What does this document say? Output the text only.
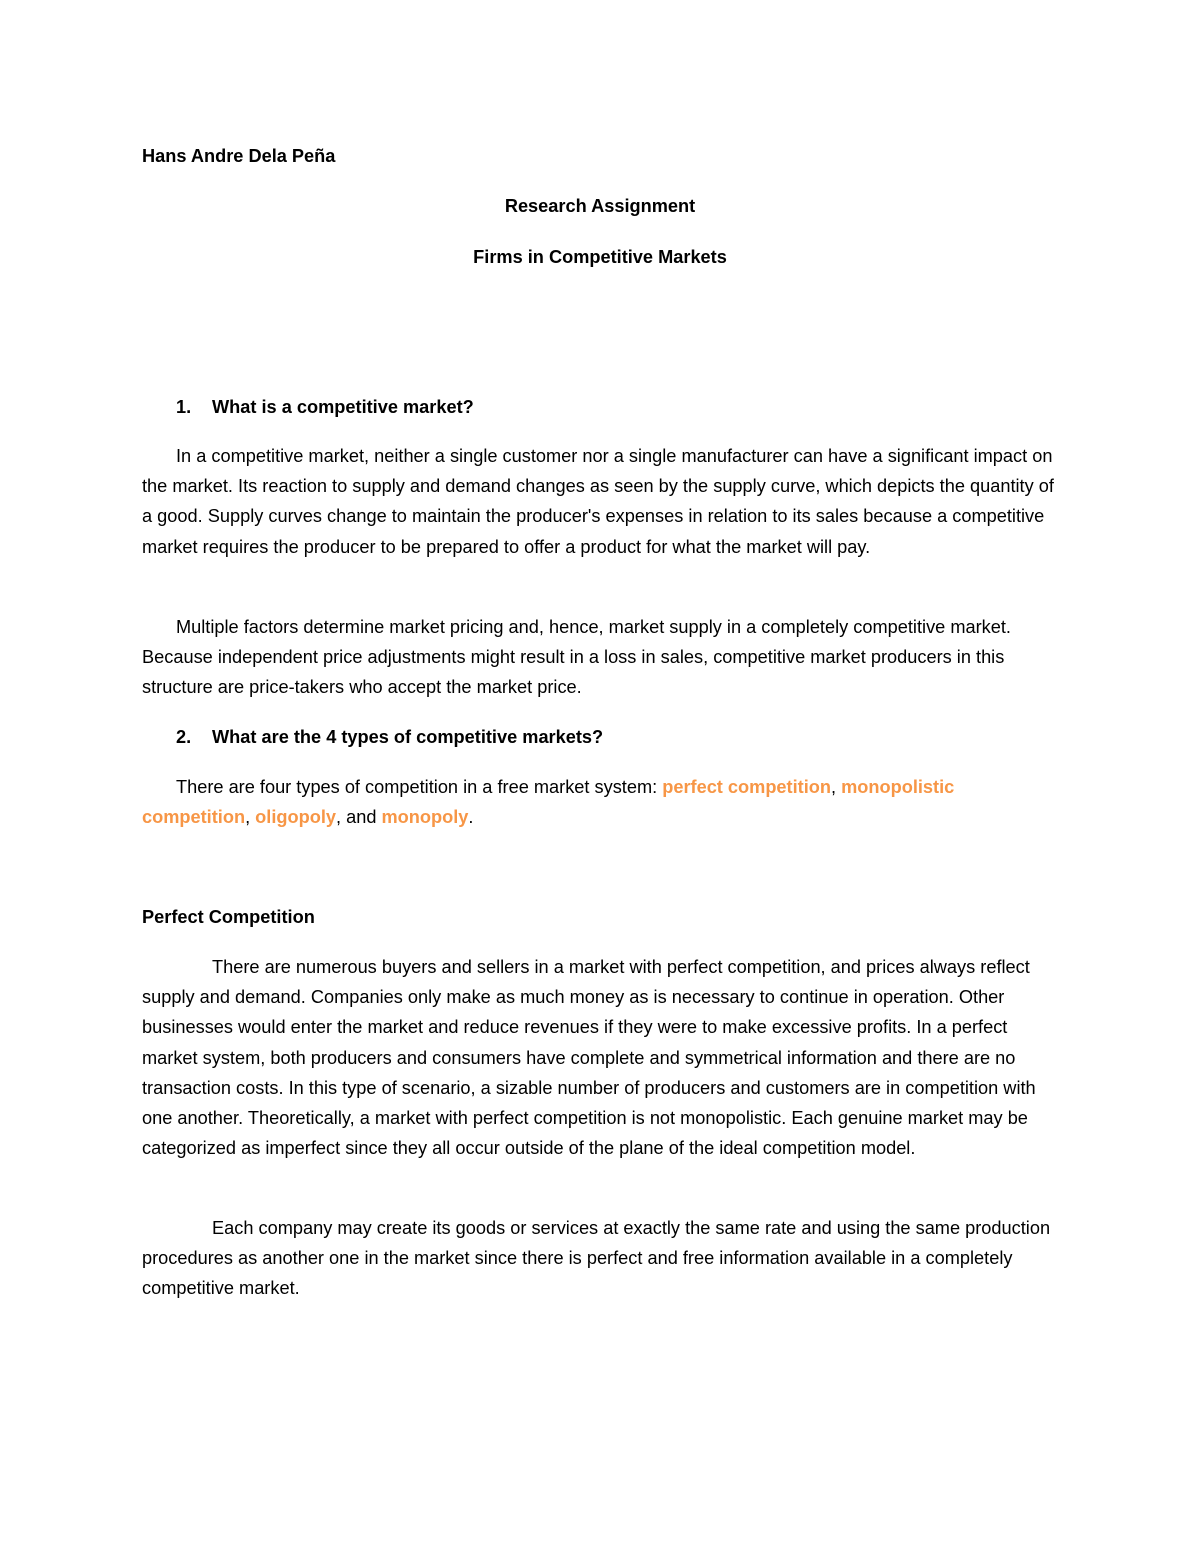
Hans Andre Dela Peña
Research Assignment
Firms in Competitive Markets
1. What is a competitive market?
In a competitive market, neither a single customer nor a single manufacturer can have a significant impact on the market. Its reaction to supply and demand changes as seen by the supply curve, which depicts the quantity of a good. Supply curves change to maintain the producer's expenses in relation to its sales because a competitive market requires the producer to be prepared to offer a product for what the market will pay.
Multiple factors determine market pricing and, hence, market supply in a completely competitive market. Because independent price adjustments might result in a loss in sales, competitive market producers in this structure are price-takers who accept the market price.
2. What are the 4 types of competitive markets?
There are four types of competition in a free market system: perfect competition, monopolistic competition, oligopoly, and monopoly.
Perfect Competition
There are numerous buyers and sellers in a market with perfect competition, and prices always reflect supply and demand. Companies only make as much money as is necessary to continue in operation. Other businesses would enter the market and reduce revenues if they were to make excessive profits. In a perfect market system, both producers and consumers have complete and symmetrical information and there are no transaction costs. In this type of scenario, a sizable number of producers and customers are in competition with one another. Theoretically, a market with perfect competition is not monopolistic. Each genuine market may be categorized as imperfect since they all occur outside of the plane of the ideal competition model.
Each company may create its goods or services at exactly the same rate and using the same production procedures as another one in the market since there is perfect and free information available in a completely competitive market.
